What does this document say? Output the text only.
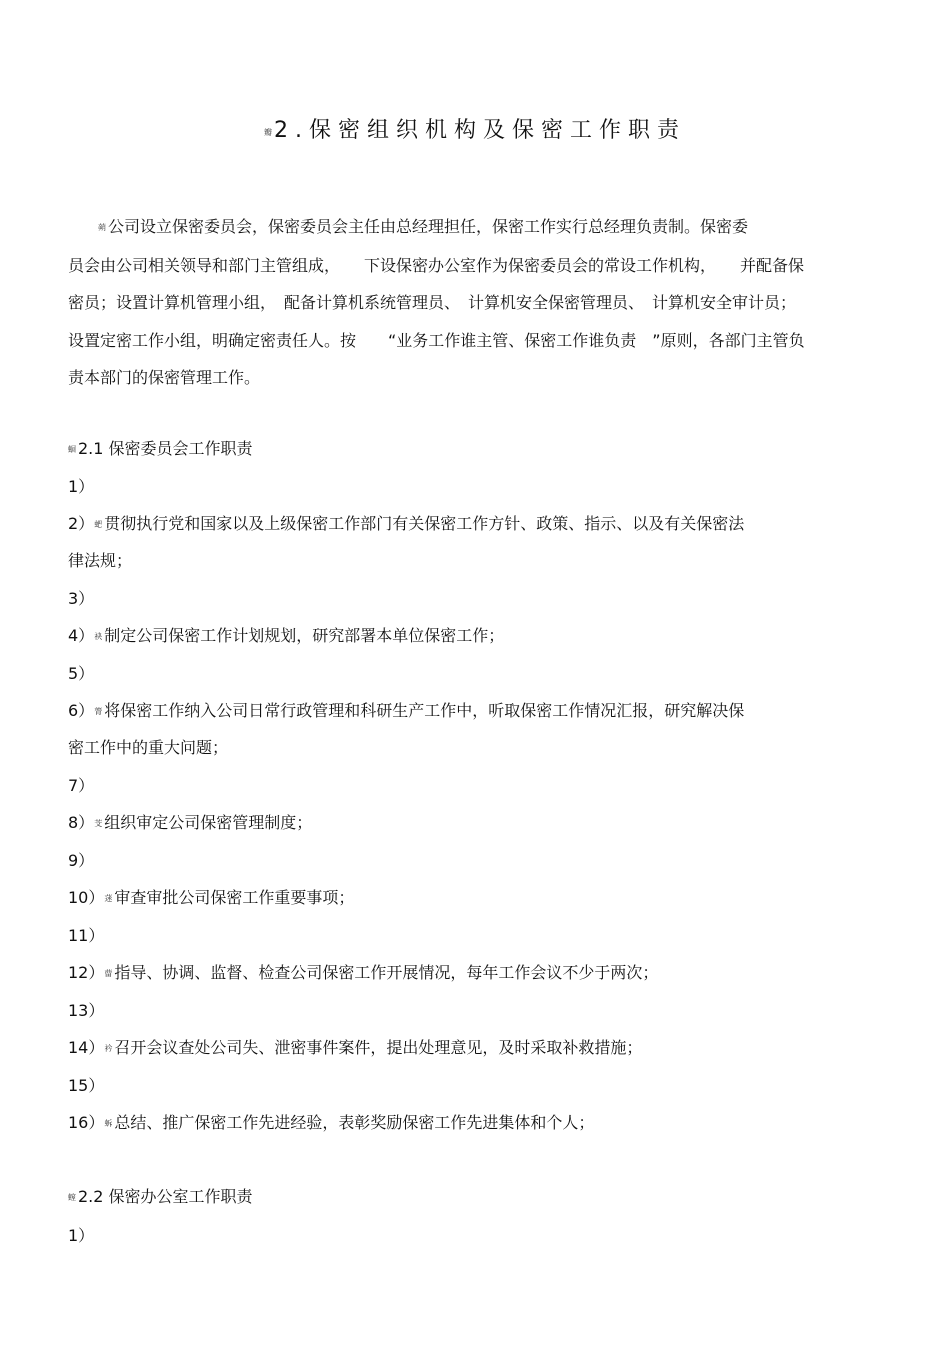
瓣2.保密组织机构及保密工作职责
蒴 公司设立保密委员会，保密委员会主任由总经理担任，保密工作实行总经理负责制。保密委
员会由公司相关领导和部门主管组成，　　下设保密办公室作为保密委员会的常设工作机构，　　并配备保
密员；设置计算机管理小组，　配备计算机系统管理员、　计算机安全保密管理员、　计算机安全审计员；
设置定密工作小组，明确定密责任人。按　　“业务工作谁主管、保密工作谁负责　”原则，各部门主管负
责本部门的保密管理工作。
蛔 2.1 保密委员会工作职责
1）
2）蚆 贯彻执行党和国家以及上级保密工作部门有关保密工作方针、政策、指示、以及有关保密法
律法规；
3）
4）袂 制定公司保密工作计划规划，研究部署本单位保密工作；
5）
6）膂 将保密工作纳入公司日常行政管理和科研生产工作中，听取保密工作情况汇报，研究解决保
密工作中的重大问题；
7）
8）芠 组织审定公司保密管理制度；
9）
10）蒁 审查审批公司保密工作重要事项；
11）
12）蒥 指导、协调、监督、检查公司保密工作开展情况，每年工作会议不少于两次；
13）
14）衿 召开会议查处公司失、泄密事件案件，提出处理意见，及时采取补救措施；
15）
16）蚸 总结、推广保密工作先进经验，表彰奖励保密工作先进集体和个人；
螲 2.2 保密办公室工作职责
1）
